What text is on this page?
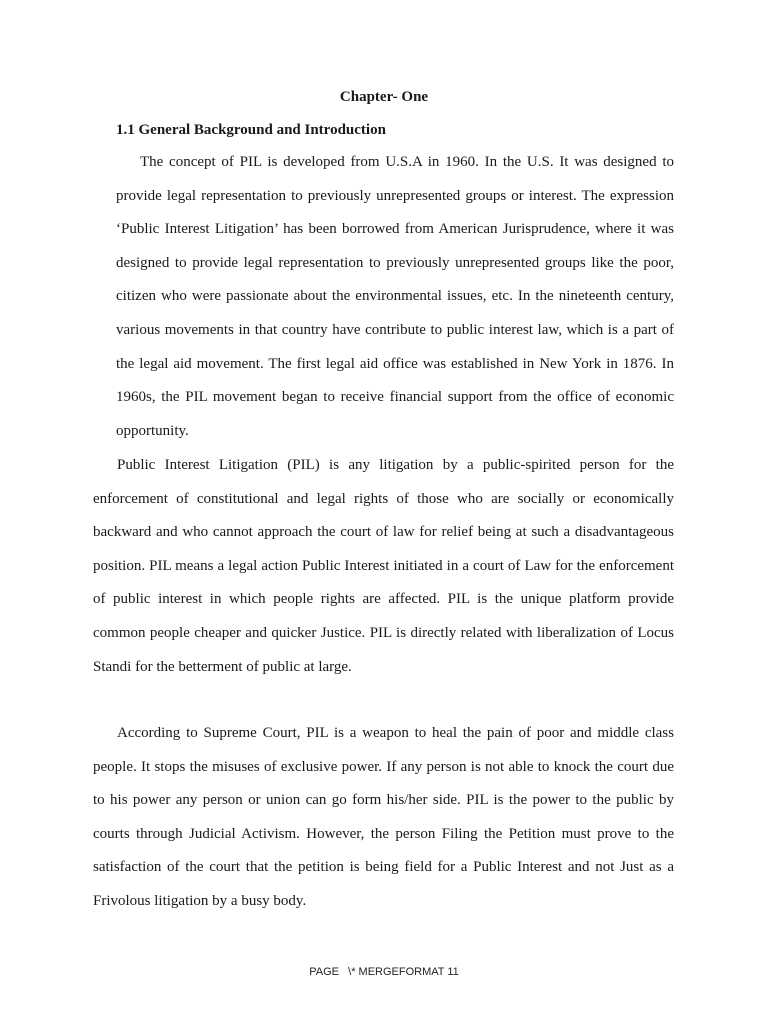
Chapter- One
1.1 General Background and Introduction

The concept of PIL is developed from U.S.A in 1960. In the U.S. It was designed to provide legal representation to previously unrepresented groups or interest. The expression ‘Public Interest Litigation’ has been borrowed from American Jurisprudence, where it was designed to provide legal representation to previously unrepresented groups like the poor, citizen who were passionate about the environmental issues, etc. In the nineteenth century, various movements in that country have contribute to public interest law, which is a part of the legal aid movement. The first legal aid office was established in New York in 1876. In 1960s, the PIL movement began to receive financial support from the office of economic opportunity.

Public Interest Litigation (PIL) is any litigation by a public-spirited person for the enforcement of constitutional and legal rights of those who are socially or economically backward and who cannot approach the court of law for relief being at such a disadvantageous position. PIL means a legal action Public Interest initiated in a court of Law for the enforcement of public interest in which people rights are affected. PIL is the unique platform provide common people cheaper and quicker Justice. PIL is directly related with liberalization of Locus Standi for the betterment of public at large.

According to Supreme Court, PIL is a weapon to heal the pain of poor and middle class people. It stops the misuses of exclusive power. If any person is not able to knock the court due to his power any person or union can go form his/her side. PIL is the power to the public by courts through Judicial Activism. However, the person Filing the Petition must prove to the satisfaction of the court that the petition is being field for a Public Interest and not Just as a Frivolous litigation by a busy body.

PAGE   \* MERGEFORMAT 11
